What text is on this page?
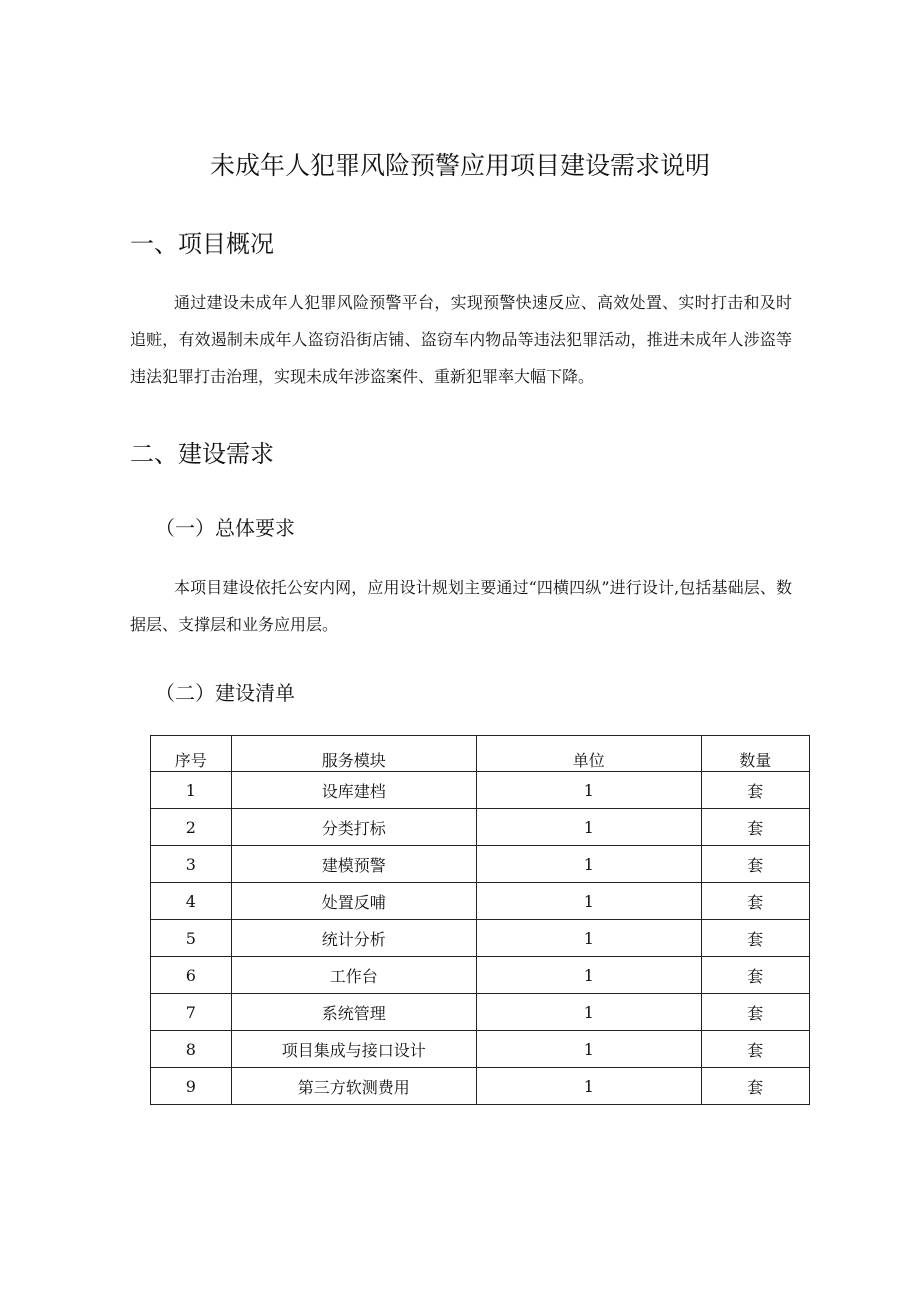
未成年人犯罪风险预警应用项目建设需求说明
一、项目概况

通过建设未成年人犯罪风险预警平台，实现预警快速反应、高效处置、实时打击和及时追赃，有效遏制未成年人盗窃沿街店铺、盗窃车内物品等违法犯罪活动，推进未成年人涉盗等违法犯罪打击治理，实现未成年涉盗案件、重新犯罪率大幅下降。

二、建设需求
（一）总体要求

本项目建设依托公安内网，应用设计规划主要通过“四横四纵”进行设计,包括基础层、数据层、支撑层和业务应用层。

（二）建设清单
序号	服务模块	单位	数量
1	设库建档	1	套
2	分类打标	1	套
3	建模预警	1	套
4	处置反哺	1	套
5	统计分析	1	套
6	工作台	1	套
7	系统管理	1	套
8	项目集成与接口设计	1	套
9	第三方软测费用	1	套
